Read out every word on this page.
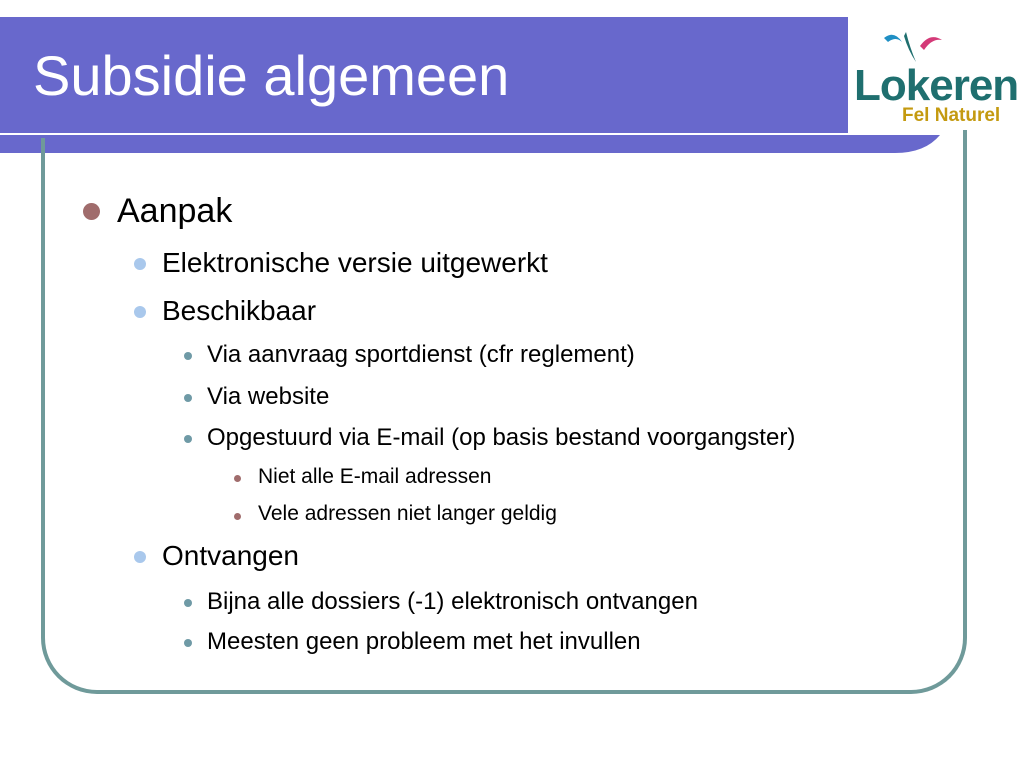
Subsidie algemeen	Lokeren
Fel Naturel
Aanpak
Elektronische versie uitgewerkt
Beschikbaar
Via aanvraag sportdienst (cfr reglement)
Via website
Opgestuurd via E-mail (op basis bestand voorgangster)
Niet alle E-mail adressen
Vele adressen niet langer geldig
Ontvangen
Bijna alle dossiers (-1) elektronisch ontvangen
Meesten geen probleem met het invullen
